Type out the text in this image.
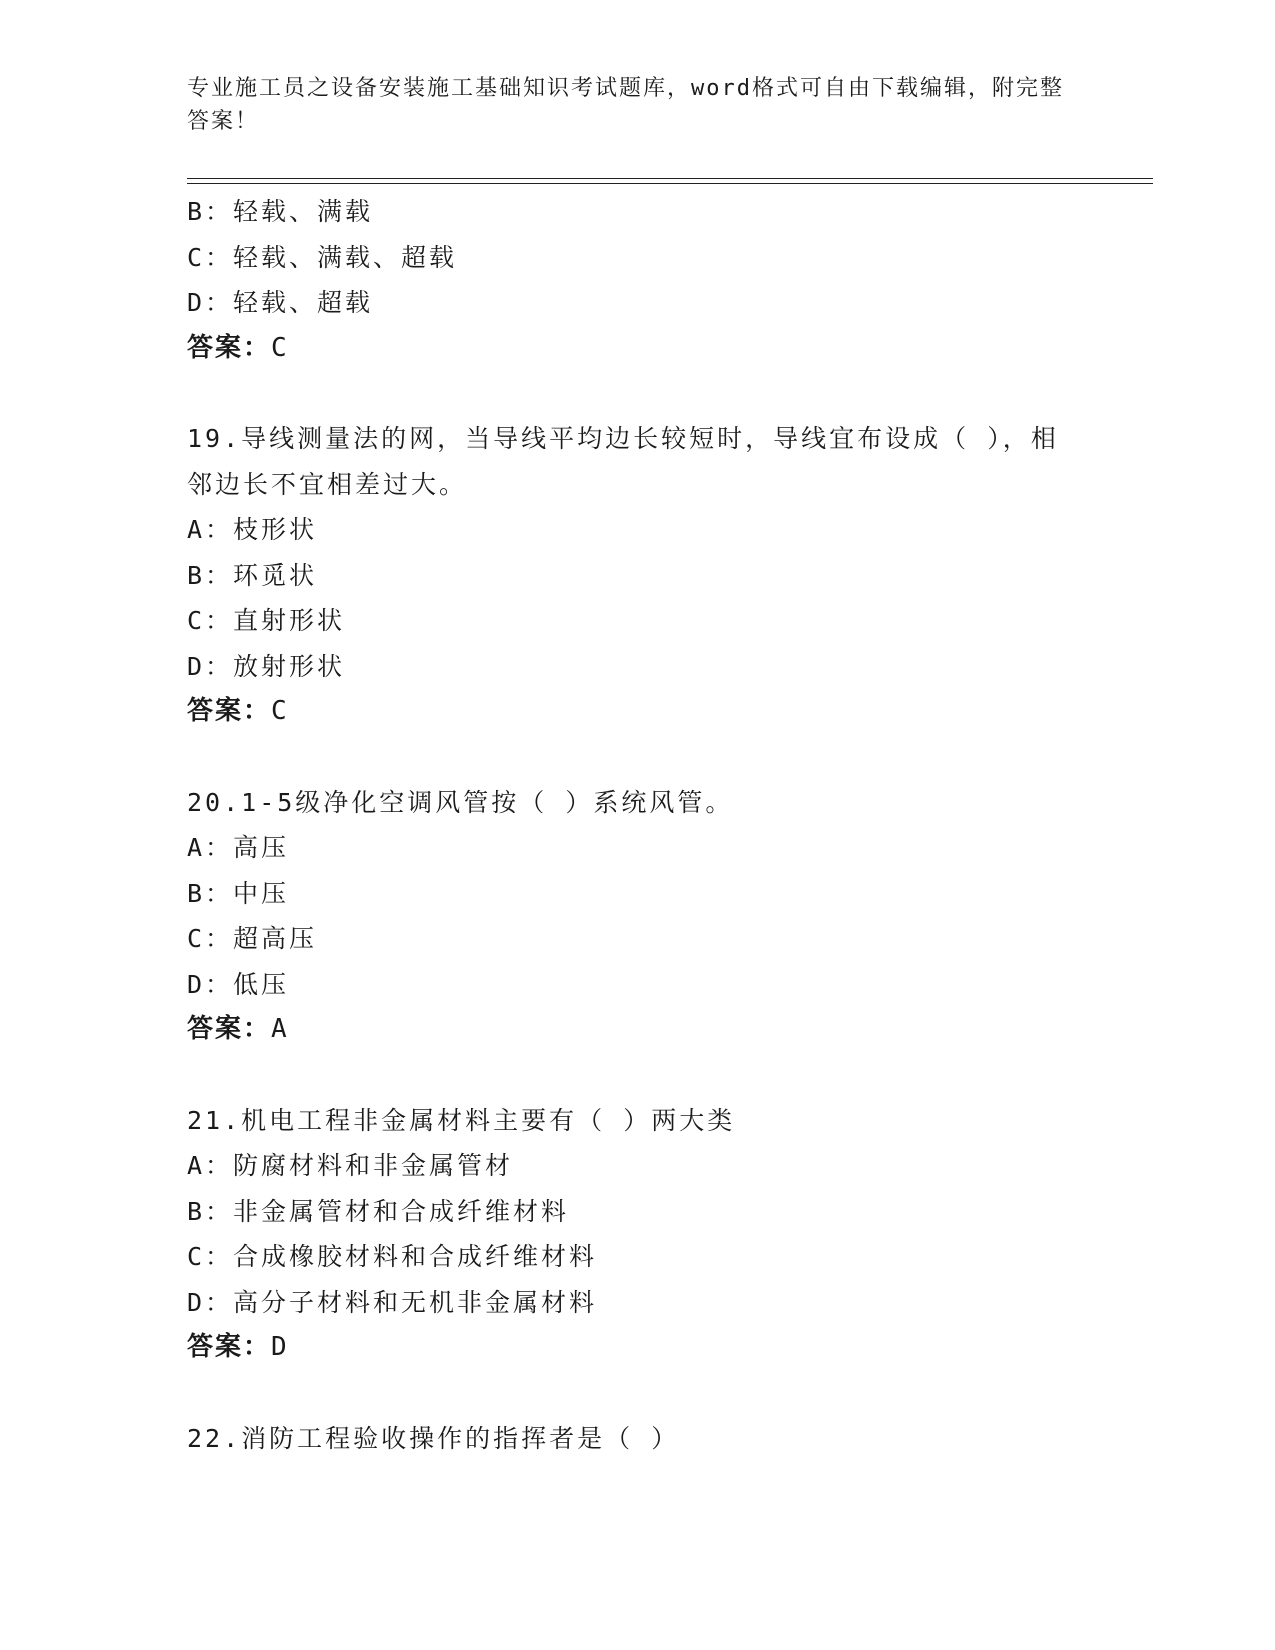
专业施工员之设备安装施工基础知识考试题库，word格式可自由下载编辑，附完整答案！
B：轻载、满载
C：轻载、满载、超载
D：轻载、超载
答案：C
19.导线测量法的网，当导线平均边长较短时，导线宜布设成（ ），相邻边长不宜相差过大。
A：枝形状
B：环觅状
C：直射形状
D：放射形状
答案：C
20.1-5级净化空调风管按（ ）系统风管。
A：高压
B：中压
C：超高压
D：低压
答案：A
21.机电工程非金属材料主要有（ ）两大类
A：防腐材料和非金属管材
B：非金属管材和合成纤维材料
C：合成橡胶材料和合成纤维材料
D：高分子材料和无机非金属材料
答案：D
22.消防工程验收操作的指挥者是（ ）
